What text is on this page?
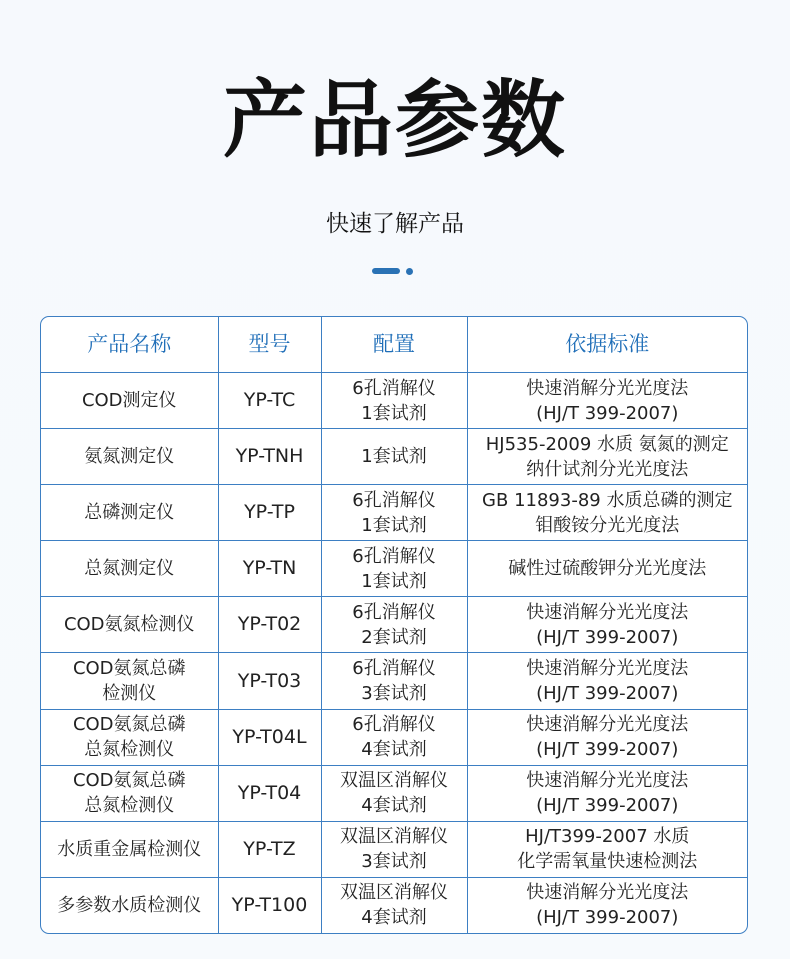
产品参数
快速了解产品
产品名称	型号	配置	依据标准

COD测定仪	YP-TC	6孔消解仪
1套试剂	快速消解分光光度法
(HJ/T 399-2007)

氨氮测定仪	YP-TNH	1套试剂	HJ535-2009 水质 氨氮的测定
纳什试剂分光光度法

总磷测定仪	YP-TP	6孔消解仪
1套试剂	GB 11893-89 水质总磷的测定
钼酸铵分光光度法

总氮测定仪	YP-TN	6孔消解仪
1套试剂	碱性过硫酸钾分光光度法

COD氨氮检测仪	YP-T02	6孔消解仪
2套试剂	快速消解分光光度法
(HJ/T 399-2007)

COD氨氮总磷
检测仪	YP-T03	6孔消解仪
3套试剂	快速消解分光光度法
(HJ/T 399-2007)

COD氨氮总磷
总氮检测仪	YP-T04L	6孔消解仪
4套试剂	快速消解分光光度法
(HJ/T 399-2007)

COD氨氮总磷
总氮检测仪	YP-T04	双温区消解仪
4套试剂	快速消解分光光度法
(HJ/T 399-2007)

水质重金属检测仪	YP-TZ	双温区消解仪
3套试剂	HJ/T399-2007 水质
化学需氧量快速检测法

多参数水质检测仪	YP-T100	双温区消解仪
4套试剂	快速消解分光光度法
(HJ/T 399-2007)
